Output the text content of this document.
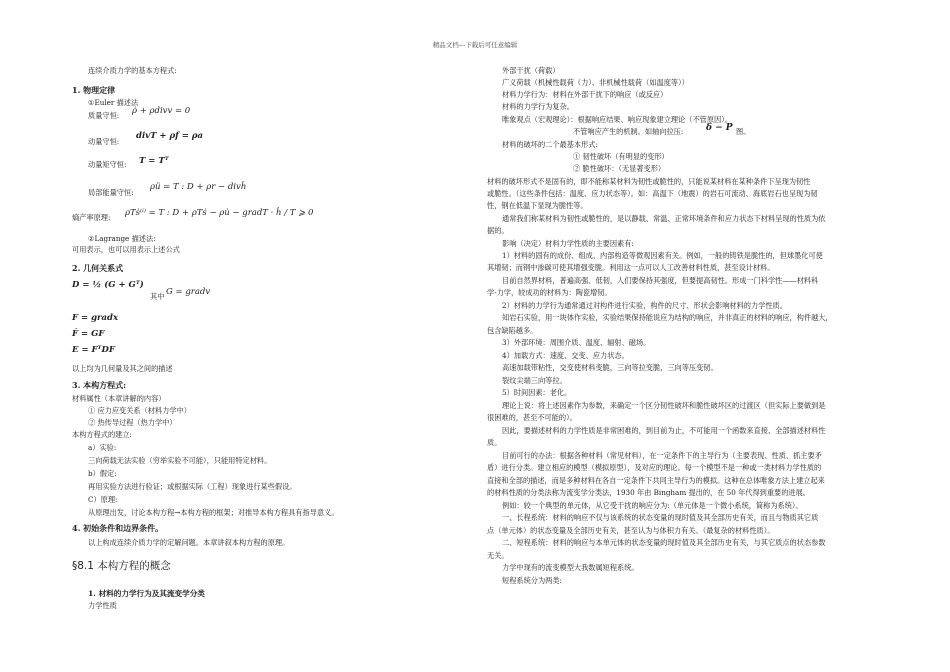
精品文档---下载后可任意编辑
连续介质力学的基本方程式:
1. 物理定律
①Euler 描述法
质量守恒: ρ̇ + ρdivv = 0
动量守恒:
divT + ρf = ρa
动量矩守恒: T = Tᵀ
局部能量守恒:
ρü = T : D + ρr − divḣ
熵产率原理: ρTṡ⁽ⁱ⁾ = T : D + ρTṡ − ρu̇ − gradT · ḣ / T ⩾ 0
②Lagrange 描述法:
可用表示，也可以用表示上述公式
2. 几何关系式
D = ½ (G + Gᵀ)
其中 G = gradv
F = gradx
Ḟ = GF
E = FᵀDF
以上均为几何量及其之间的描述
3. 本构方程式:
材料属性（本章讲解的内容）
① 应力应变关系（材料力学中）
② 热传导过程（热力学中）
本构方程式的建立:
a）实验:
三向荷载无法实验（穷举实验不可能），只能用特定材料。
b）假定:
再用实验方法进行验证；或根据实际（工程）现象进行某些假设。
C）原理:
从原理出发，讨论本构方程→本构方程的框架；对推导本构方程具有指导意义。
4. 初始条件和边界条件。
以上构成连续介质力学的定解问题。本章讲叙本构方程的原理。
§8.1 本构方程的概念
1. 材料的力学行为及其流变学分类
力学性质
外部干扰（荷载）
广义荷载（机械性载荷（力）、非机械性载荷（如温度等））
材料力学行为：材料在外部干扰下的响应（或反应）
材料的力学行为复杂。
唯象观点（宏观理论）：根据响应结果、响应现象建立理论（不管原因）。
不管响应产生的机制。如轴向拉压:	δ − P 图。
材料的破坏的二个最基本形式:
① 韧性破坏（有明显的变形）
② 脆性破坏：（无显著变形）
材料的破坏形式不是固有的，即不能称某材料为韧性或脆性的，只能说某材料在某种条件下呈现为韧性
或脆性。（这些条件包括：温度、应力状态等）。如：高温下（地震）的岩石可流动、海底岩石也呈现为韧
性，钢在低温下显现为脆性等。
通常我们称某材料为韧性或脆性的，是以静载、常温、正常环境条件和应力状态下材料呈现的性质为依
据的。
影响（决定）材料力学性质的主要因素有:
1）材料的固有的成份、组成、内部构造等微观因素有关。例如，一般的铸铁是脆性的，但球墨化可使
其增韧；而钢中渗碳可使其增强变脆。利用这一点可以人工改善材料性质，甚至设计材料。
目前自然界材料，普遍高强、低韧，人们要保持其强度，但要提高韧性。形成一门科学性——材料科
学-力学，较成功的材料为：陶瓷增韧。
2）材料的力学行为通常通过对构件进行实验，构件的尺寸、形状会影响材料的力学性质。
知岩石实验，用一块体作实验，实验结果保持能说应为结构的响应，并非真正的材料的响应，构件越大，
包含缺陷越多。
3）外部环境：周围介质、温度、辐射、磁场。
4）加载方式：速度、交变、应力状态。
高速加载带粘性，交变使材料变脆，三向等拉变脆，三向等压变韧。
裂纹尖端三向等拉。
5）时间因素：老化。
理论上说：将上述因素作为参数，来确定一个区分韧性破坏和脆性破坏区的过渡区（但实际上要做到是
很困难的，甚至不可能的）。
因此，要描述材料的力学性质是非常困难的，到目前为止，不可能用一个函数来直接、全部描述材料性
质。
目前可行的办法：根据各种材料（常见材料），在一定条件下的主导行为（主要表现、性质、抓主要矛
盾）进行分类。建立相应的模型（模拟原型），及对应的理论。每一个模型不是一种或一类材料力学性质的
直接和全部的描述，而是多种材料在各自一定条件下共同主导行为的模拟。这种在总体唯象方法上建立起来
的材料性质的分类法称为流变学分类法，1930 年由 Bingham 提出的，在 50 年代得到重要的进展。
例如：较一个典型的单元体，从它受干扰的响应分为:（单元体是一个微小系统，简称为系统）。
一、长程系统：材料的响应不仅与该系统的状态变量的现时值及其全部历史有关，而且与物质其它质
点（单元体）的状态变量及全部历史有关，甚至认为与体积力有关。（最复杂的材料性质）。
二、短程系统：材料的响应与本单元体的状态变量的现时值及其全部历史有关，与其它质点的状态参数
无关。
力学中现有的流变模型大我数属短程系统。
短程系统分为两类:
